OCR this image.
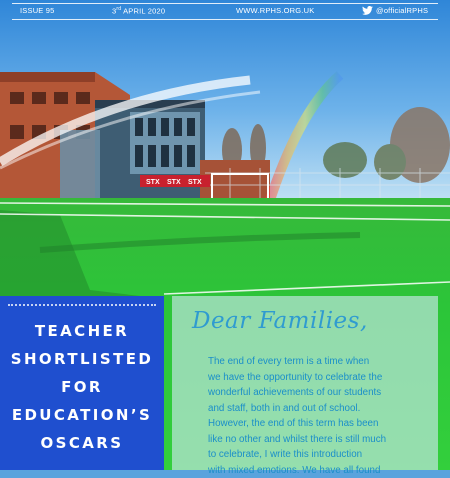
STX STX STX
ISSUE 95	3rd APRIL 2020	WWW.RPHS.ORG.UK	@officialRPHS
TEACHER
SHORTLISTED
FOR
EDUCATION’S
OSCARS
Dear Families,
The end of every term is a time when
we have the opportunity to celebrate the
wonderful achievements of our students
and staff, both in and out of school.
However, the end of this term has been
like no other and whilst there is still much
to celebrate, I write this introduction
with mixed emotions. We have all found
